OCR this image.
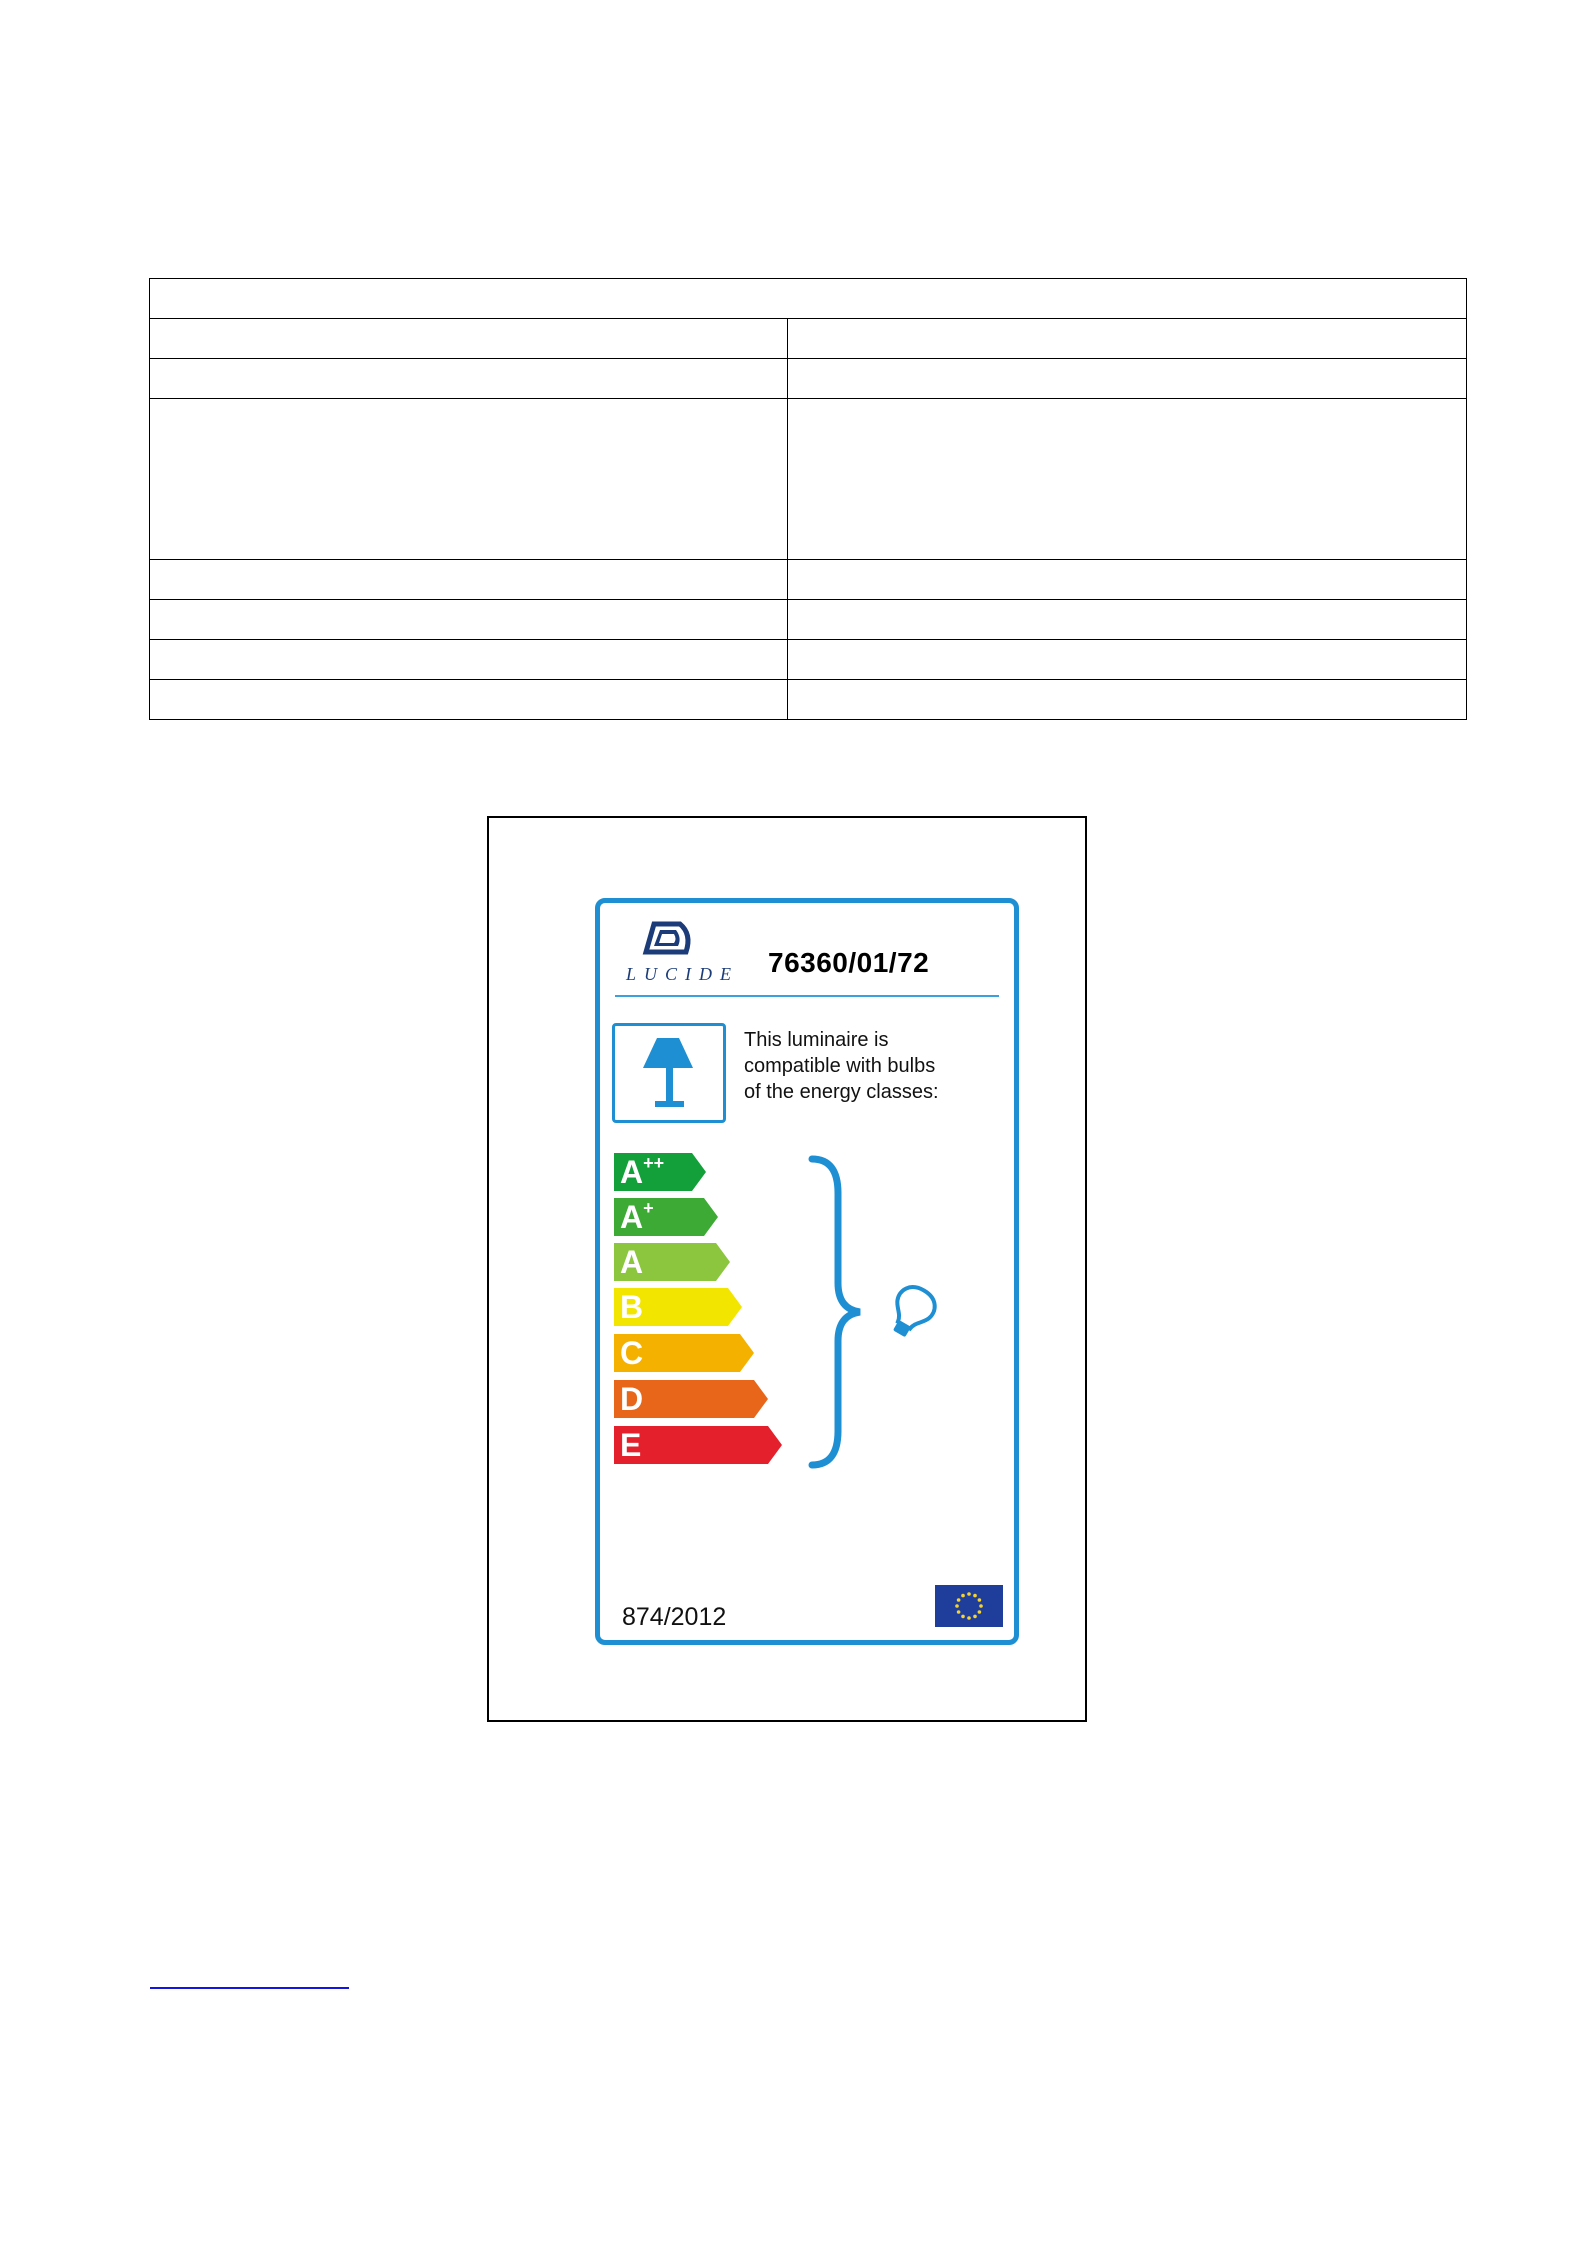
LUCIDE 76360/01/72
This luminaire is
compatible with bulbs
of the energy classes:
A++
A+
A
B
C
D
E
874/2012
